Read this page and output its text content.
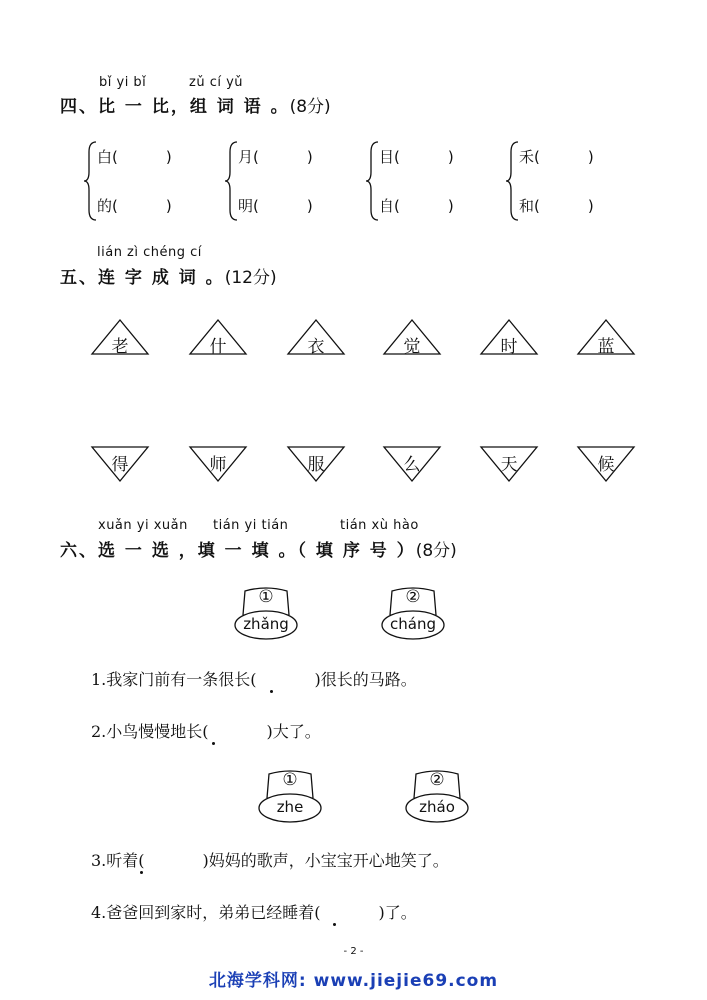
bǐ yi bǐ	zǔ cí yǔ
四、比 一 比，组 词 语 。(8分)
白(	)
的(	)
月(	)
明(	)
目(	)
自(	)
禾(	)
和(	)
lián zì chéng cí
五、连 字 成 词 。(12分)
老	什	衣	觉	时	蓝
得	师	服	么	天	候
xuǎn yi xuǎn tián yi tián	tián xù hào
六、选 一 选 ，填 一 填 。（ 填 序 号 ）(8分)
①
zhǎng
②
cháng
1.我家门前有一条很长(	)很长的马路。
2.小鸟慢慢地长(	)大了。
①
zhe
②
zháo
3.听着(	)妈妈的歌声，小宝宝开心地笑了。
4.爸爸回到家时，弟弟已经睡着(	)了。
- 2 -
北海学科网: www.jiejie69.com
